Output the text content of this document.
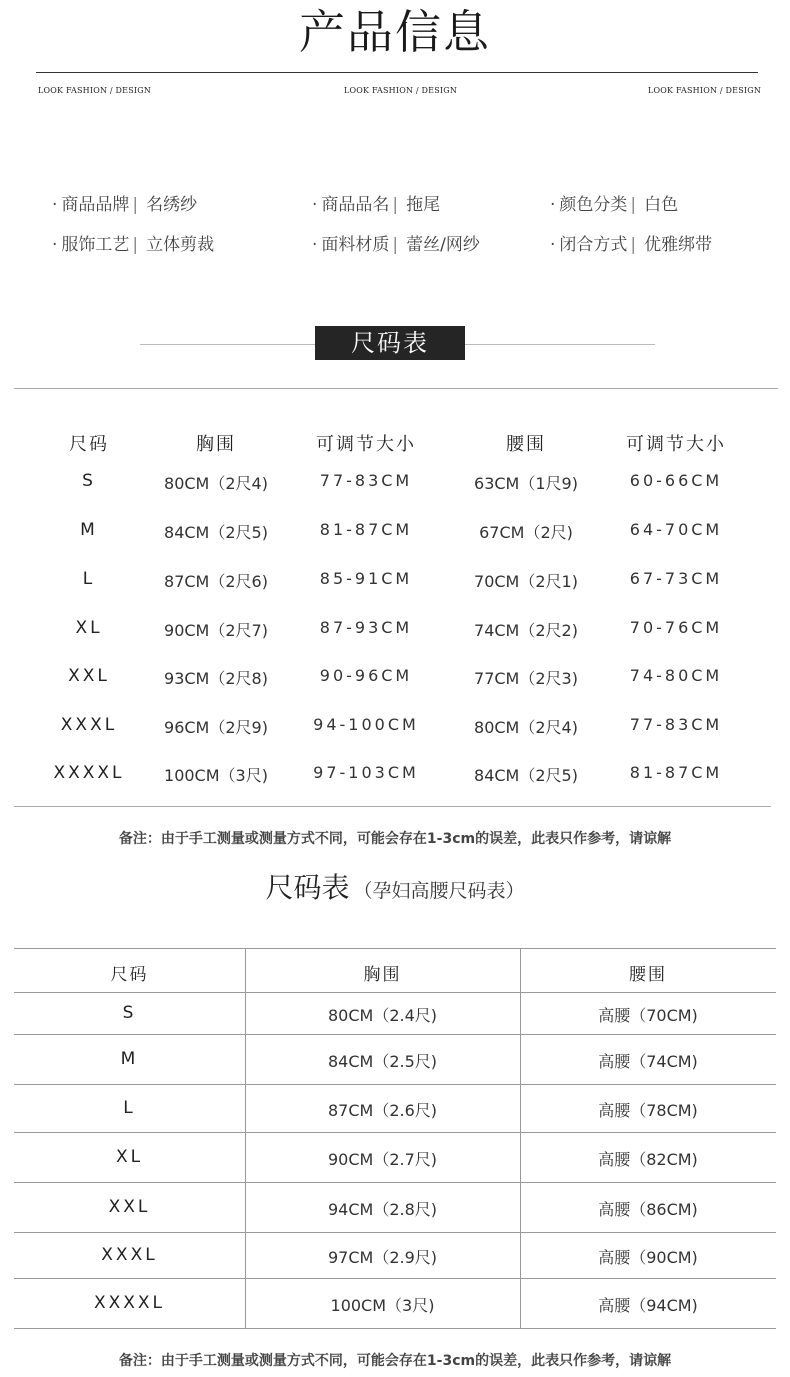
产品信息
LOOK FASHION / DESIGN	LOOK FASHION / DESIGN	LOOK FASHION / DESIGN
· 商品品牌 | 名绣纱	· 商品品名 | 拖尾	· 颜色分类 | 白色
· 服饰工艺 | 立体剪裁	· 面料材质 | 蕾丝/网纱	· 闭合方式 | 优雅绑带
尺码表
尺码	胸围	可调节大小	腰围	可调节大小
S	80CM（2尺4)	77-83CM	63CM（1尺9)	60-66CM
M	84CM（2尺5)	81-87CM	67CM（2尺)	64-70CM
L	87CM（2尺6)	85-91CM	70CM（2尺1)	67-73CM
XL	90CM（2尺7)	87-93CM	74CM（2尺2)	70-76CM
XXL	93CM（2尺8)	90-96CM	77CM（2尺3)	74-80CM
XXXL	96CM（2尺9)	94-100CM	80CM（2尺4)	77-83CM
XXXXL	100CM（3尺)	97-103CM	84CM（2尺5)	81-87CM
备注：由于手工测量或测量方式不同，可能会存在1-3cm的误差，此表只作参考，请谅解
尺码表 （孕妇高腰尺码表）
尺码	胸围	腰围
S	80CM（2.4尺)	高腰（70CM)
M	84CM（2.5尺)	高腰（74CM)
L	87CM（2.6尺)	高腰（78CM)
XL	90CM（2.7尺)	高腰（82CM)
XXL	94CM（2.8尺)	高腰（86CM)
XXXL	97CM（2.9尺)	高腰（90CM)
XXXXL	100CM（3尺)	高腰（94CM)
备注：由于手工测量或测量方式不同，可能会存在1-3cm的误差，此表只作参考，请谅解
